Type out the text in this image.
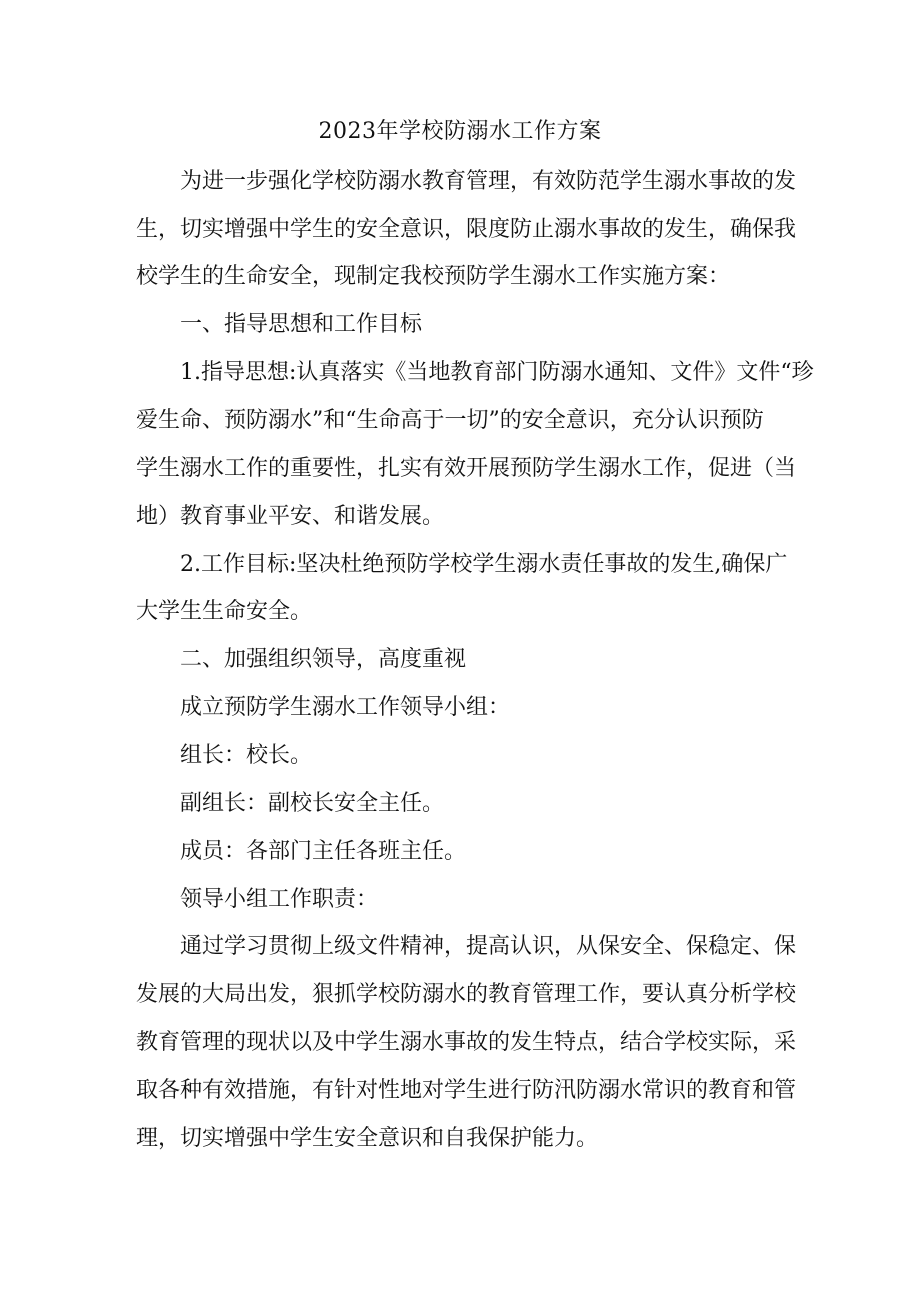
2023年学校防溺水工作方案
为进一步强化学校防溺水教育管理，有效防范学生溺水事故的发
生，切实增强中学生的安全意识，限度防止溺水事故的发生，确保我
校学生的生命安全，现制定我校预防学生溺水工作实施方案：
一、指导思想和工作目标
1.指导思想:认真落实《当地教育部门防溺水通知、文件》文件“珍
爱生命、预防溺水”和“生命高于一切”的安全意识，充分认识预防
学生溺水工作的重要性，扎实有效开展预防学生溺水工作，促进（当
地）教育事业平安、和谐发展。
2.工作目标:坚决杜绝预防学校学生溺水责任事故的发生,确保广
大学生生命安全。
二、加强组织领导，高度重视
成立预防学生溺水工作领导小组：
组长：校长。
副组长：副校长安全主任。
成员：各部门主任各班主任。
领导小组工作职责：
通过学习贯彻上级文件精神，提高认识，从保安全、保稳定、保
发展的大局出发，狠抓学校防溺水的教育管理工作，要认真分析学校
教育管理的现状以及中学生溺水事故的发生特点，结合学校实际，采
取各种有效措施，有针对性地对学生进行防汛防溺水常识的教育和管
理，切实增强中学生安全意识和自我保护能力。
